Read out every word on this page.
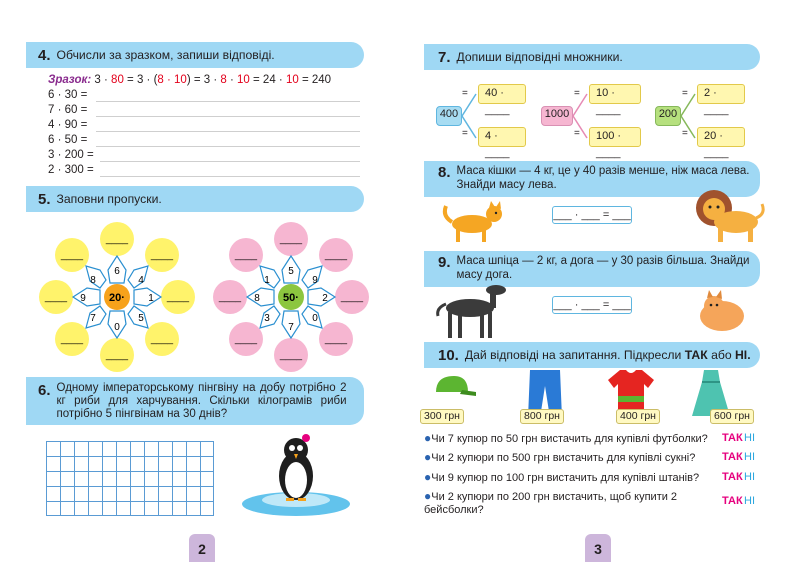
4. Обчисли за зразком, запиши відповіді.
Зразок: 3 · 80 = 3 · (8 · 10) = 3 · 8 · 10 = 24 · 10 = 240
6 · 30 =
7 · 60 =
4 · 90 =
6 · 50 =
3 · 200 =
2 · 300 =
5. Заповни пропуски.
20·
6
4
1
5
0
7
9
8
____
____
____
____
____
____
____
____
50·
5
9
2
0
7
3
8
1
____
____
____
____
____
____
____
____
6. Одному імператорському пінгвіну на добу потрібно 2 кг риби для харчування. Скільки кілограмів риби потрібно 5 пінгвінам на 30 днів?
2
7. Допиши відповідні множники.
400
=
=
40 · ____
4 · ____
1000
=
=
10 · ____
100 · ____
200
=
=
2 · ____
20 · ____
8. Маса кішки — 4 кг, це у 40 разів менше, ніж маса лева. Знайди масу лева.
___ · ___ = ___
9. Маса шпіца — 2 кг, а дога — у 30 разів більша. Знайди масу дога.
___ · ___ = ___
10. Дай відповіді на запитання. Підкресли ТАК або НІ.
300 грн	800 грн	400 грн	600 грн
●Чи 7 купюр по 50 грн вистачить для купівлі футболки?	ТАК НІ
●Чи 2 купюри по 500 грн вистачить для купівлі сукні?	ТАК НІ
●Чи 9 купюр по 100 грн вистачить для купівлі штанів?	ТАК НІ
●Чи 2 купюри по 200 грн вистачить, щоб купити 2 бейсболки?
ТАК НІ
3
